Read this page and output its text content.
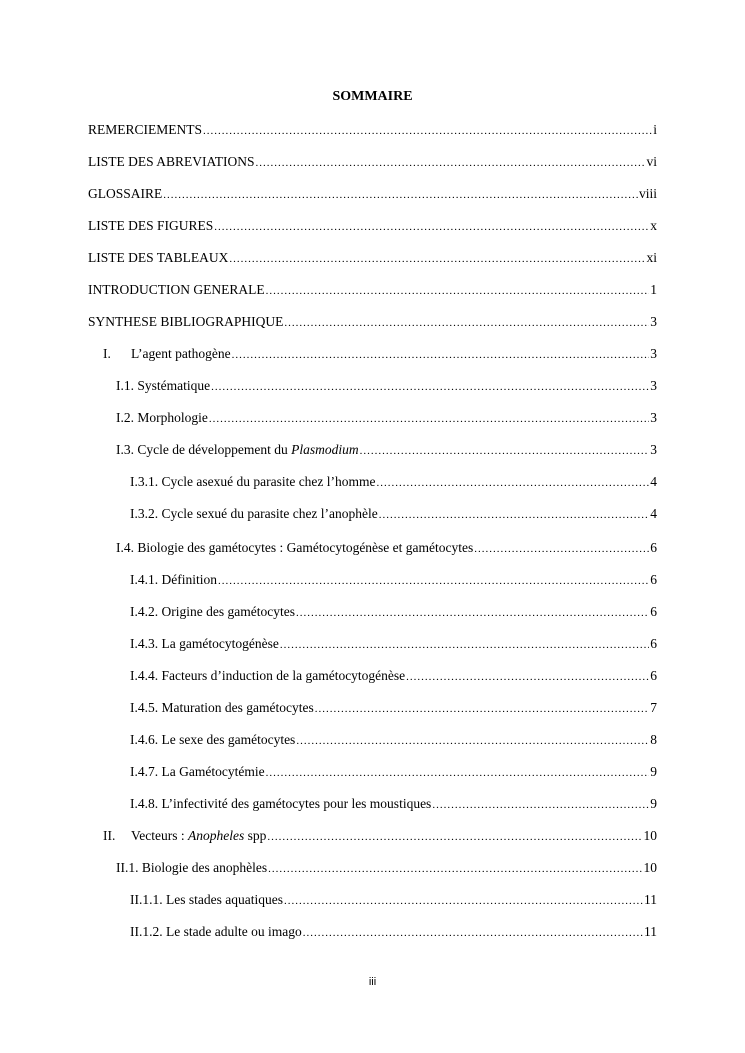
SOMMAIRE
REMERCIEMENTS .....	i
LISTE DES ABREVIATIONS .....	vi
GLOSSAIRE .....	viii
LISTE DES FIGURES .....	x
LISTE DES TABLEAUX .....	xi
INTRODUCTION GENERALE .....	1
SYNTHESE BIBLIOGRAPHIQUE .....	3
I. L’agent pathogène .....	3
I.1. Systématique .....	3
I.2. Morphologie .....	3
I.3. Cycle de développement du Plasmodium .....	3
I.3.1. Cycle asexué du parasite chez l’homme .....	4
I.3.2. Cycle sexué du parasite chez l’anophèle .....	4
I.4. Biologie des gamétocytes : Gamétocytogénèse et gamétocytes .....	6
I.4.1. Définition .....	6
I.4.2. Origine des gamétocytes .....	6
I.4.3. La gamétocytogénèse .....	6
I.4.4. Facteurs d’induction de la gamétocytogénèse .....	6
I.4.5. Maturation des gamétocytes .....	7
I.4.6. Le sexe des gamétocytes .....	8
I.4.7. La Gamétocytémie .....	9
I.4.8. L’infectivité des gamétocytes pour les moustiques .....	9
II. Vecteurs : Anopheles spp .....	10
II.1. Biologie des anophèles .....	10
II.1.1. Les stades aquatiques .....	11
II.1.2. Le stade adulte ou imago .....	11
iii
